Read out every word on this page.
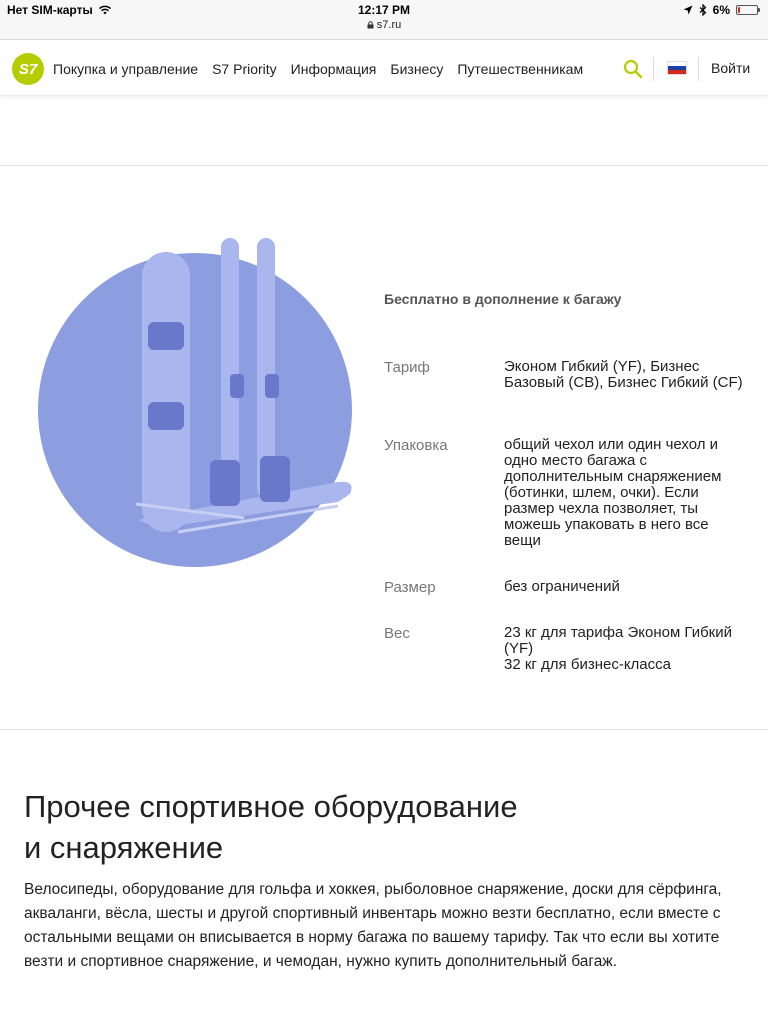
Нет SIM-карты	12:17 PM
s7.ru
6%
S7	Покупка и управление S7 Priority Информация Бизнесу Путешественникам	Войти
Бесплатно в дополнение к багажу
Тариф	Эконом Гибкий (YF), Бизнес Базовый (CB), Бизнес Гибкий (CF)
Упаковка	общий чехол или один чехол и одно место багажа с дополнительным снаряжением (ботинки, шлем, очки). Если размер чехла позволяет, ты можешь упаковать в него все вещи
Размер	без ограничений
Вес	23 кг для тарифа Эконом Гибкий (YF)
32 кг для бизнес-класса
Прочее спортивное оборудование
и снаряжение

Велосипеды, оборудование для гольфа и хоккея, рыболовное снаряжение, доски для сёрфинга, акваланги, вёсла, шесты и другой спортивный инвентарь можно везти бесплатно, если вместе с остальными вещами он вписывается в норму багажа по вашему тарифу. Так что если вы хотите везти и спортивное снаряжение, и чемодан, нужно купить дополнительный багаж.
